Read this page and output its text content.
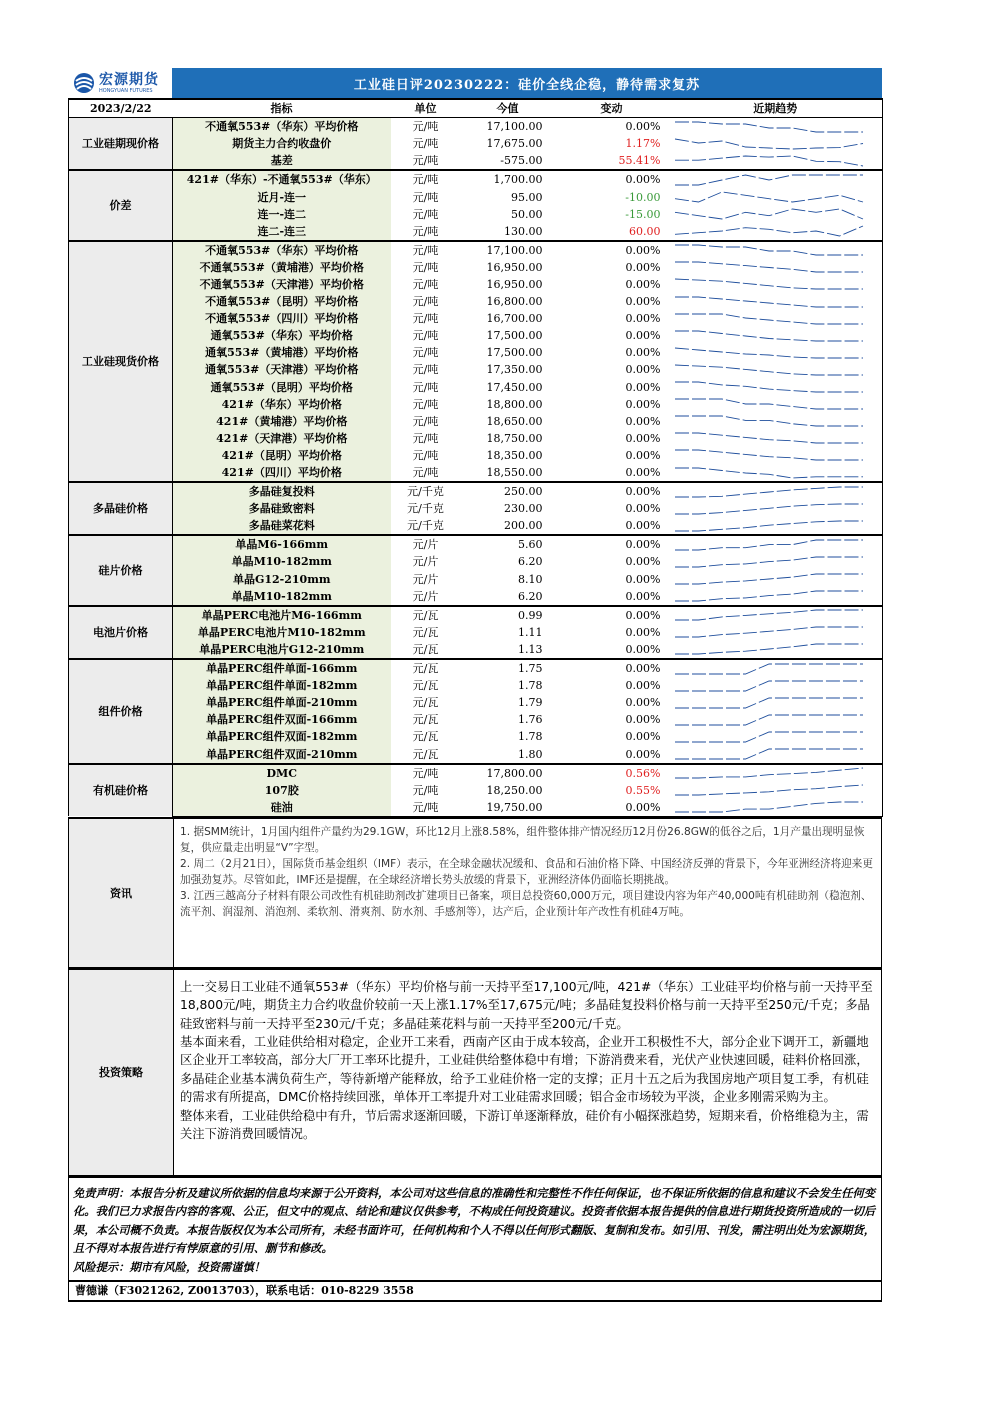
宏源期货
HONGYUAN FUTURES	工业硅日评20230222：硅价全线企稳，静待需求复苏
2023/2/22	指标	单位	今值	变动	近期趋势
工业硅期现价格	不通氧553#（华东）平均价格	元/吨	17,100.00	0.00%	

	期货主力合约收盘价	元/吨	17,675.00	1.17%	

	基差	元/吨	-575.00	55.41%	

价差	421#（华东）-不通氧553#（华东）	元/吨	1,700.00	0.00%	

	近月-连一	元/吨	95.00	-10.00	

	连一-连二	元/吨	50.00	-15.00	

	连二-连三	元/吨	130.00	60.00	

工业硅现货价格	不通氧553#（华东）平均价格	元/吨	17,100.00	0.00%	

	不通氧553#（黄埔港）平均价格	元/吨	16,950.00	0.00%	

	不通氧553#（天津港）平均价格	元/吨	16,950.00	0.00%	

	不通氧553#（昆明）平均价格	元/吨	16,800.00	0.00%	

	不通氧553#（四川）平均价格	元/吨	16,700.00	0.00%	

	通氧553#（华东）平均价格	元/吨	17,500.00	0.00%	

	通氧553#（黄埔港）平均价格	元/吨	17,500.00	0.00%	

	通氧553#（天津港）平均价格	元/吨	17,350.00	0.00%	

	通氧553#（昆明）平均价格	元/吨	17,450.00	0.00%	

	421#（华东）平均价格	元/吨	18,800.00	0.00%	

	421#（黄埔港）平均价格	元/吨	18,650.00	0.00%	

	421#（天津港）平均价格	元/吨	18,750.00	0.00%	

	421#（昆明）平均价格	元/吨	18,350.00	0.00%	

	421#（四川）平均价格	元/吨	18,550.00	0.00%	

多晶硅价格	多晶硅复投料	元/千克	250.00	0.00%	

	多晶硅致密料	元/千克	230.00	0.00%	

	多晶硅菜花料	元/千克	200.00	0.00%	

硅片价格	单晶M6-166mm	元/片	5.60	0.00%	

	单晶M10-182mm	元/片	6.20	0.00%	

	单晶G12-210mm	元/片	8.10	0.00%	

	单晶M10-182mm	元/片	6.20	0.00%	

电池片价格	单晶PERC电池片M6-166mm	元/瓦	0.99	0.00%	

	单晶PERC电池片M10-182mm	元/瓦	1.11	0.00%	

	单晶PERC电池片G12-210mm	元/瓦	1.13	0.00%	

组件价格	单晶PERC组件单面-166mm	元/瓦	1.75	0.00%	

	单晶PERC组件单面-182mm	元/瓦	1.78	0.00%	

	单晶PERC组件单面-210mm	元/瓦	1.79	0.00%	

	单晶PERC组件双面-166mm	元/瓦	1.76	0.00%	

	单晶PERC组件双面-182mm	元/瓦	1.78	0.00%	

	单晶PERC组件双面-210mm	元/瓦	1.80	0.00%	

有机硅价格	DMC	元/吨	17,800.00	0.56%	

	107胶	元/吨	18,250.00	0.55%	

	硅油	元/吨	19,750.00	0.00%	
资讯

1. 据SMM统计，1月国内组件产量约为29.1GW，环比12月上涨8.58%，组件整体排产情况经历12月份26.8GW的低谷之后，1月产量出现明显恢复，供应量走出明显“V”字型。

2. 周二（2月21日），国际货币基金组织（IMF）表示，在全球金融状况缓和、食品和石油价格下降、中国经济反弹的背景下，今年亚洲经济将迎来更加强劲复苏。尽管如此，IMF还是提醒，在全球经济增长势头放缓的背景下，亚洲经济体仍面临长期挑战。

3. 江西三越高分子材料有限公司改性有机硅助剂改扩建项目已备案，项目总投资60,000万元，项目建设内容为年产40,000吨有机硅助剂（稳泡剂、流平剂、润湿剂、消泡剂、柔软剂、滑爽剂、防水剂、手感剂等），达产后，企业预计年产改性有机硅4万吨。

投资策略

上一交易日工业硅不通氧553#（华东）平均价格与前一天持平至17,100元/吨，421#（华东）工业硅平均价格与前一天持平至18,800元/吨，期货主力合约收盘价较前一天上涨1.17%至17,675元/吨；多晶硅复投料价格与前一天持平至250元/千克；多晶硅致密料与前一天持平至230元/千克；多晶硅莱花料与前一天持平至200元/千克。

基本面来看，工业硅供给相对稳定，企业开工来看，西南产区由于成本较高，企业开工积极性不大，部分企业下调开工，新疆地区企业开工率较高，部分大厂开工率环比提升，工业硅供给整体稳中有增；下游消费来看，光伏产业快速回暖，硅料价格回涨，多晶硅企业基本满负荷生产，等待新增产能释放，给予工业硅价格一定的支撑；正月十五之后为我国房地产项目复工季，有机硅的需求有所提高，DMC价格持续回涨，单体开工率提升对工业硅需求回暖；铝合金市场较为平淡，企业多刚需采购为主。

整体来看，工业硅供给稳中有升，节后需求逐渐回暖，下游订单逐渐释放，硅价有小幅探涨趋势，短期来看，价格维稳为主，需关注下游消费回暖情况。

免责声明：本报告分析及建议所依据的信息均来源于公开资料，本公司对这些信息的准确性和完整性不作任何保证，也不保证所依据的信息和建议不会发生任何变化。我们已力求报告内容的客观、公正，但文中的观点、结论和建议仅供参考，不构成任何投资建议。投资者依据本报告提供的信息进行期货投资所造成的一切后果，本公司概不负责。本报告版权仅为本公司所有，未经书面许可，任何机构和个人不得以任何形式翻版、复制和发布。如引用、刊发，需注明出处为宏源期货，且不得对本报告进行有悖原意的引用、删节和修改。

风险提示：期市有风险，投资需谨慎！

曹德谦（F3021262, Z0013703），联系电话：010-8229 3558
